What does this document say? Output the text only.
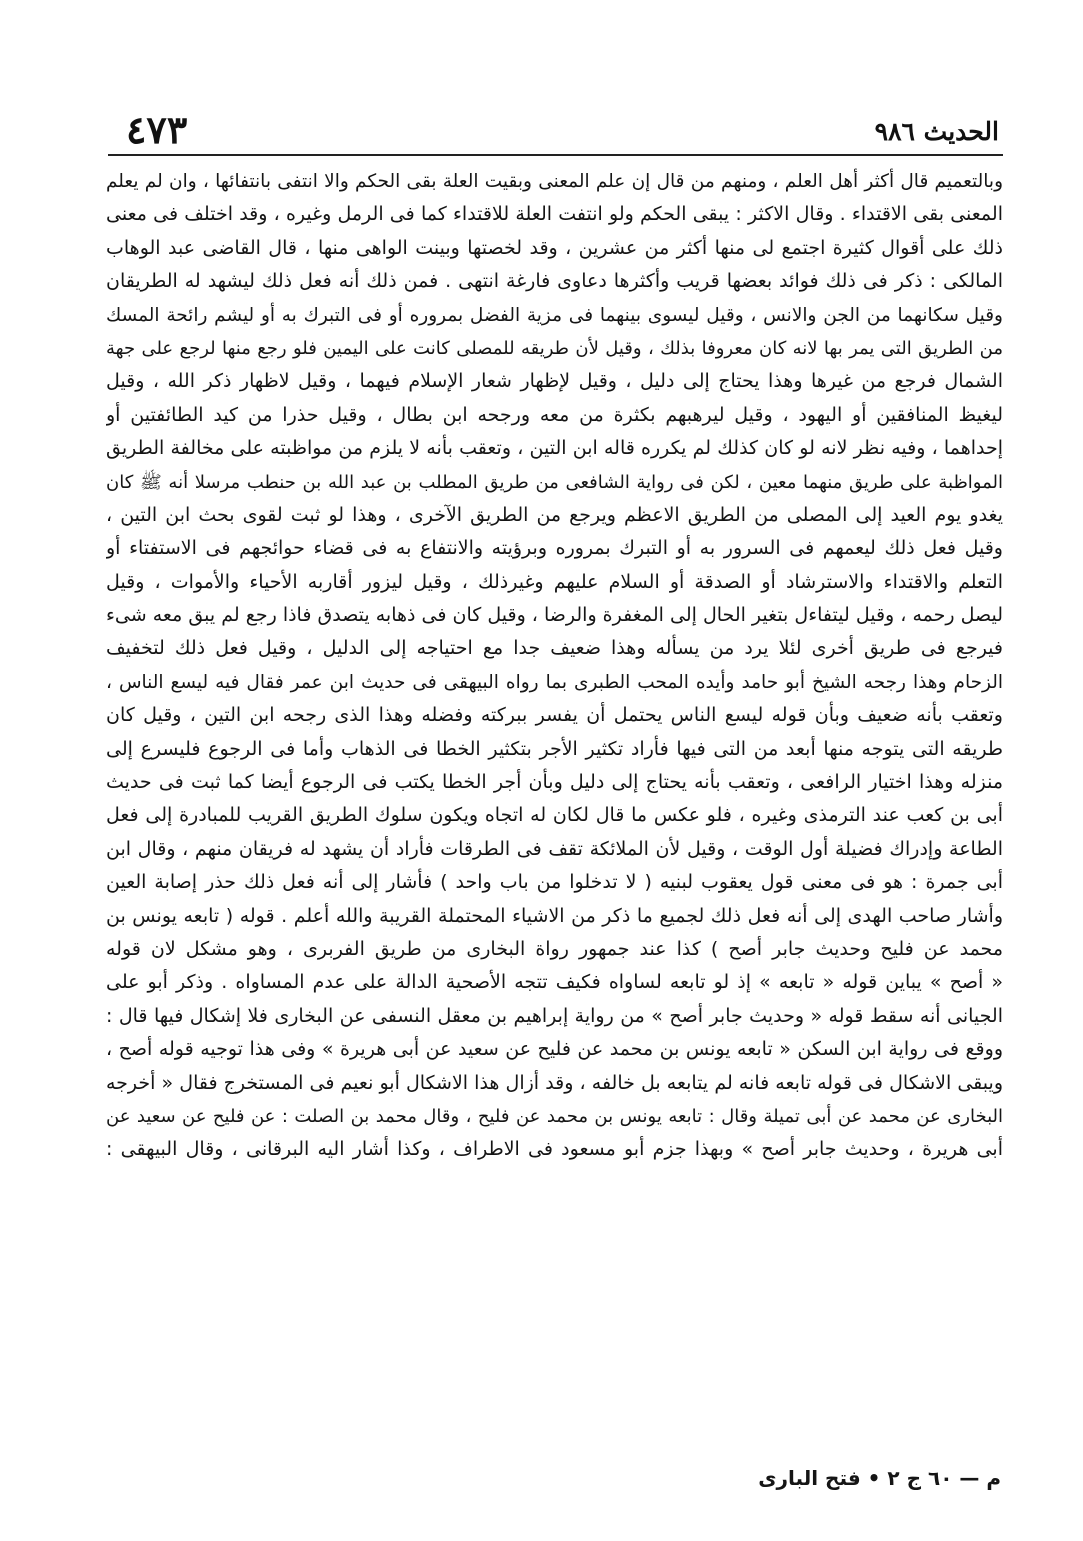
٤٧٣	الحديث ٩٨٦
وبالتعميم قال أكثر أهل العلم ، ومنهم من قال إن علم المعنى وبقيت العلة بقى الحكم والا انتفى بانتفائها ، وان لم يعلم
المعنى بقى الاقتداء . وقال الاكثر : يبقى الحكم ولو انتفت العلة للاقتداء كما فى الرمل وغيره ، وقد اختلف فى معنى
ذلك على أقوال كثيرة اجتمع لى منها أكثر من عشرين ، وقد لخصتها وبينت الواهى منها ، قال القاضى عبد الوهاب
المالكى : ذكر فى ذلك فوائد بعضها قريب وأكثرها دعاوى فارغة انتهى . فمن ذلك أنه فعل ذلك ليشهد له الطريقان
وقيل سكانهما من الجن والانس ، وقيل ليسوى بينهما فى مزية الفضل بمروره أو فى التبرك به أو ليشم رائحة المسك
من الطريق التى يمر بها لانه كان معروفا بذلك ، وقيل لأن طريقه للمصلى كانت على اليمين فلو رجع منها لرجع على جهة
الشمال فرجع من غيرها وهذا يحتاج إلى دليل ، وقيل لإظهار شعار الإسلام فيهما ، وقيل لاظهار ذكر الله ، وقيل
ليغيظ المنافقين أو اليهود ، وقيل ليرهبهم بكثرة من معه ورجحه ابن بطال ، وقيل حذرا من كيد الطائفتين أو
إحداهما ، وفيه نظر لانه لو كان كذلك لم يكرره قاله ابن التين ، وتعقب بأنه لا يلزم من مواظبته على مخالفة الطريق
المواظبة على طريق منهما معين ، لكن فى رواية الشافعى من طريق المطلب بن عبد الله بن حنطب مرسلا أنه ﷺ كان
يغدو يوم العيد إلى المصلى من الطريق الاعظم ويرجع من الطريق الآخرى ، وهذا لو ثبت لقوى بحث ابن التين ،
وقيل فعل ذلك ليعمهم فى السرور به أو التبرك بمروره وبرؤيته والانتفاع به فى قضاء حوائجهم فى الاستفتاء أو
التعلم والاقتداء والاسترشاد أو الصدقة أو السلام عليهم وغيرذلك ، وقيل ليزور أقاربه الأحياء والأموات ، وقيل
ليصل رحمه ، وقيل ليتفاءل بتغير الحال إلى المغفرة والرضا ، وقيل كان فى ذهابه يتصدق فاذا رجع لم يبق معه شىء
فيرجع فى طريق أخرى لئلا يرد من يسأله وهذا ضعيف جدا مع احتياجه إلى الدليل ، وقيل فعل ذلك لتخفيف
الزحام وهذا رجحه الشيخ أبو حامد وأيده المحب الطبرى بما رواه البيهقى فى حديث ابن عمر فقال فيه ليسع الناس ،
وتعقب بأنه ضعيف وبأن قوله ليسع الناس يحتمل أن يفسر ببركته وفضله وهذا الذى رجحه ابن التين ، وقيل كان
طريقه التى يتوجه منها أبعد من التى فيها فأراد تكثير الأجر بتكثير الخطا فى الذهاب وأما فى الرجوع فليسرع إلى
منزله وهذا اختيار الرافعى ، وتعقب بأنه يحتاج إلى دليل وبأن أجر الخطا يكتب فى الرجوع أيضا كما ثبت فى حديث
أبى بن كعب عند الترمذى وغيره ، فلو عكس ما قال لكان له اتجاه ويكون سلوك الطريق القريب للمبادرة إلى فعل
الطاعة وإدراك فضيلة أول الوقت ، وقيل لأن الملائكة تقف فى الطرقات فأراد أن يشهد له فريقان منهم ، وقال ابن
أبى جمرة : هو فى معنى قول يعقوب لبنيه ( لا تدخلوا من باب واحد ) فأشار إلى أنه فعل ذلك حذر إصابة العين
وأشار صاحب الهدى إلى أنه فعل ذلك لجميع ما ذكر من الاشياء المحتملة القريبة والله أعلم . قوله ( تابعه يونس بن
محمد عن فليح وحديث جابر أصح ) كذا عند جمهور رواة البخارى من طريق الفربرى ، وهو مشكل لان قوله
« أصح » يباين قوله « تابعه » إذ لو تابعه لساواه فكيف تتجه الأصحية الدالة على عدم المساواه . وذكر أبو على
الجيانى أنه سقط قوله « وحديث جابر أصح » من رواية إبراهيم بن معقل النسفى عن البخارى فلا إشكال فيها قال :
ووقع فى رواية ابن السكن « تابعه يونس بن محمد عن فليح عن سعيد عن أبى هريرة » وفى هذا توجيه قوله أصح ،
ويبقى الاشكال فى قوله تابعه فانه لم يتابعه بل خالفه ، وقد أزال هذا الاشكال أبو نعيم فى المستخرج فقال « أخرجه
البخارى عن محمد عن أبى تميلة وقال : تابعه يونس بن محمد عن فليح ، وقال محمد بن الصلت : عن فليح عن سعيد عن
أبى هريرة ، وحديث جابر أصح » وبهذا جزم أبو مسعود فى الاطراف ، وكذا أشار اليه البرقانى ، وقال البيهقى :
م — ٦٠ ج ٢ • فتح البارى
